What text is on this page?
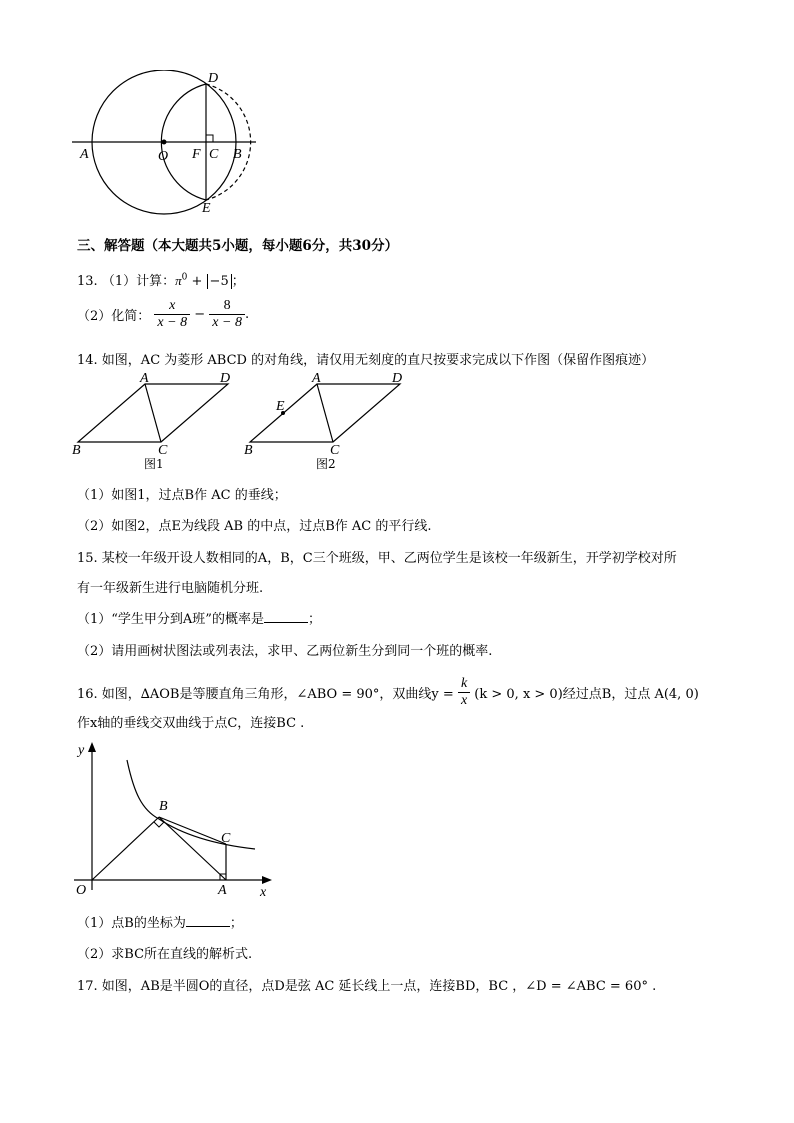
D
A	O F C B
E
三、解答题（本大题共5小题，每小题6分，共30分）
13. （1）计算：$\pi^0 + -5$ ；
（2）化简： $\frac{x}{x - 8} - \frac{8}{x - 8}$ .
14. 如图，AC 为菱形 ABCD 的对角线，请仅用无刻度的直尺按要求完成以下作图（保留作图痕迹）
A	D
B	C
图1
E
A	D
B	C
图2
（1）如图1，过点B作 AC 的垂线；
（2）如图2，点E为线段 AB 的中点，过点B作 AC 的平行线.
15. 某校一年级开设人数相同的A，B，C三个班级，甲、乙两位学生是该校一年级新生，开学初学校对所
有一年级新生进行电脑随机分班.
（1）“学生甲分到A班”的概率是	；
（2）请用画树状图法或列表法，求甲、乙两位新生分到同一个班的概率.
16. 如图，∆AOB是等腰直角三角形，∠ABO = 90°，双曲线$y = \frac{k}{x} (k > 0$, x > 0)经过点B，过点 A(4, 0)
作x轴的垂线交双曲线于点C，连接BC .
y
x
O	A
B
C
（1）点B的坐标为	；
（2）求BC所在直线的解析式.
17. 如图，AB是半圆O的直径，点D是弦 AC 延长线上一点，连接BD，BC ，∠D = ∠ABC = 60° .
